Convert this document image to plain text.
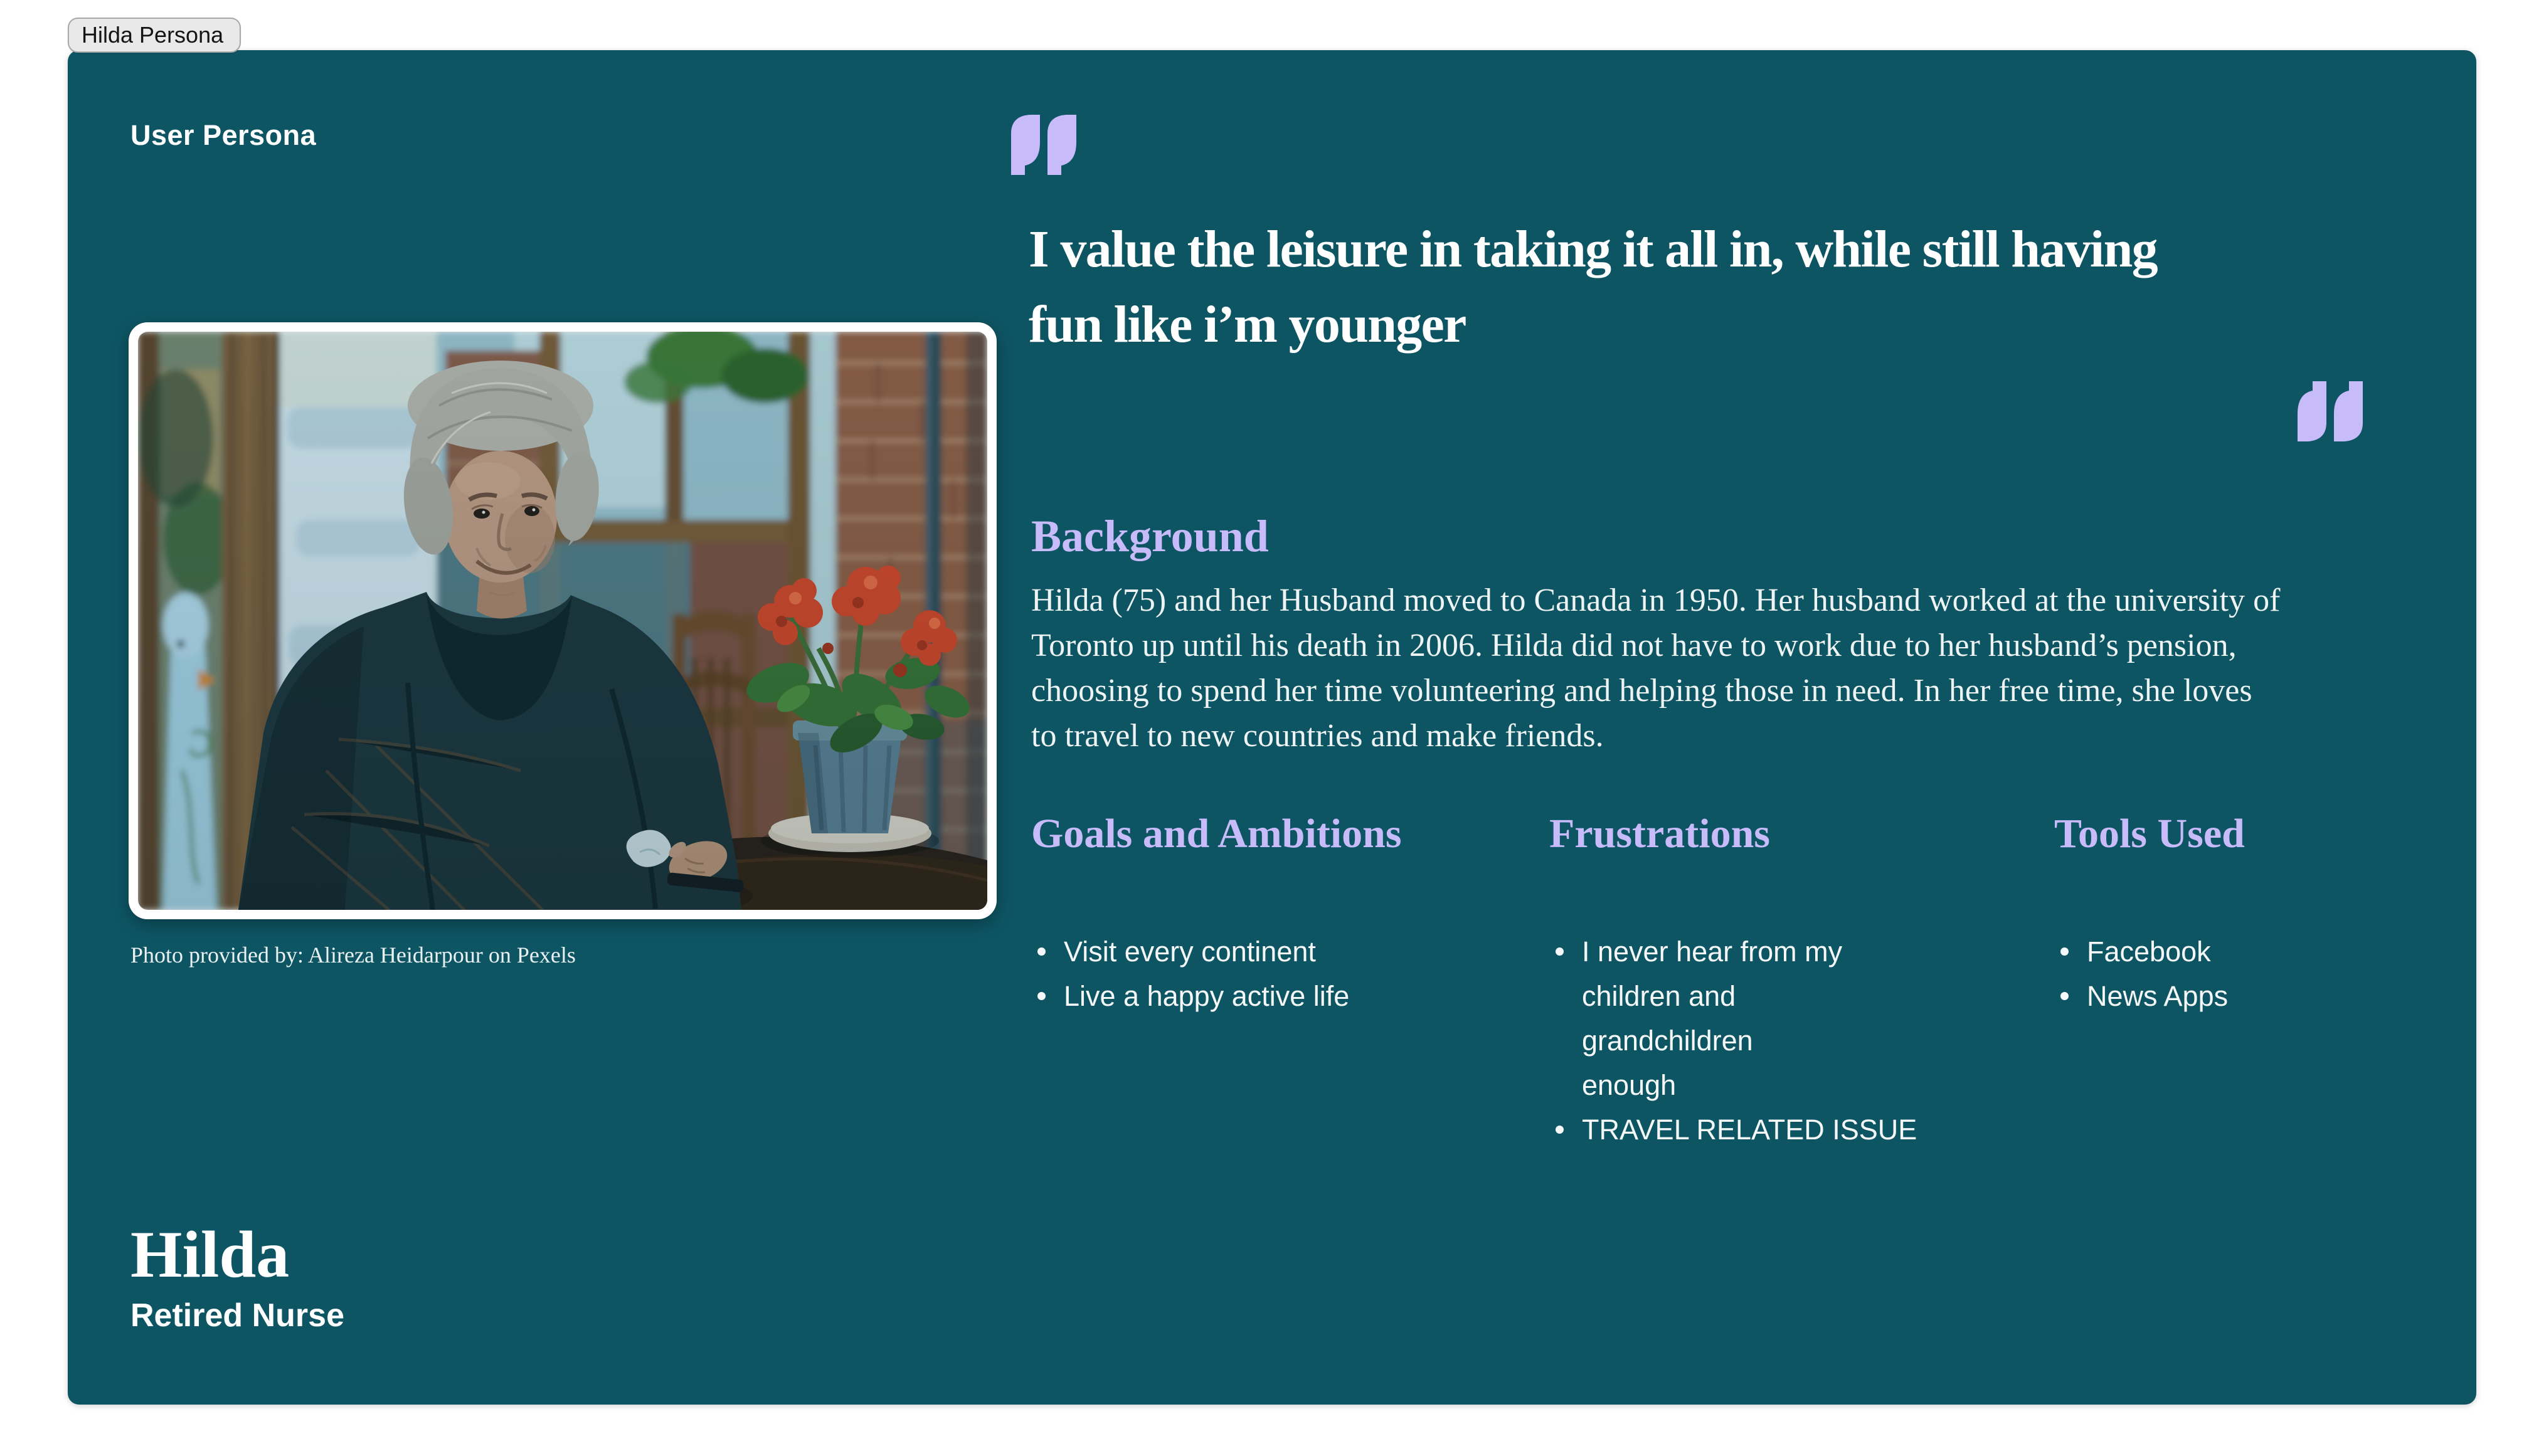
Hilda Persona
User Persona
Photo provided by: Alireza Heidarpour on Pexels
I value the leisure in taking it all in, while still having
fun like i’m younger
Background
Hilda (75) and her Husband moved to Canada in 1950. Her husband worked at the university of
Toronto up until his death in 2006. Hilda did not have to work due to her husband’s pension,
choosing to spend her time volunteering and helping those in need. In her free time, she loves
to travel to new countries and make friends.
Goals and Ambitions	Frustrations	Tools Used
Visit every continent
Live a happy active life
I never hear from my children and grandchildren enough
TRAVEL RELATED ISSUE
Facebook
News Apps
Hilda
Retired Nurse
